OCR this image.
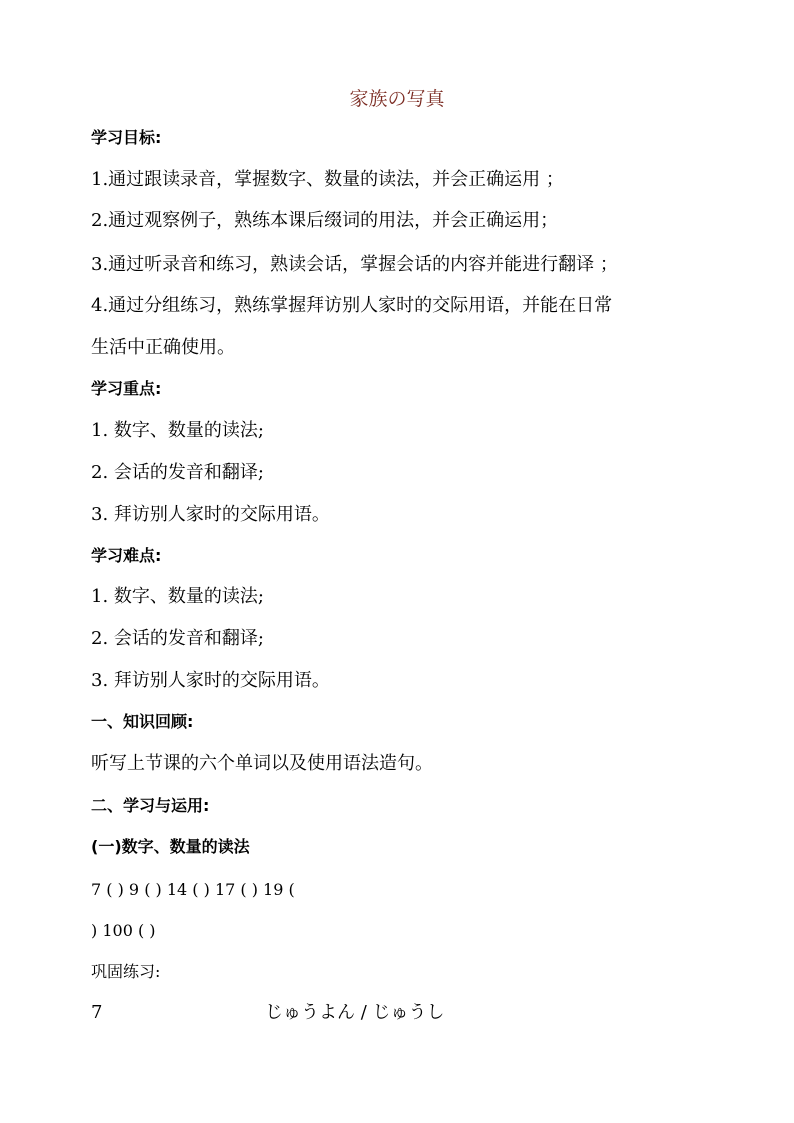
家族の写真
学习目标:
1.通过跟读录音，掌握数字、数量的读法，并会正确运用 ；
2.通过观察例子，熟练本课后缀词的用法，并会正确运用；
3.通过听录音和练习，熟读会话，掌握会话的内容并能进行翻译 ；
4.通过分组练习，熟练掌握拜访别人家时的交际用语，并能在日常
生活中正确使用。
学习重点:
1. 数字、数量的读法;
2. 会话的发音和翻译;
3. 拜访别人家时的交际用语。
学习难点:
1. 数字、数量的读法;
2. 会话的发音和翻译;
3. 拜访别人家时的交际用语。
一、知识回顾:
听写上节课的六个单词以及使用语法造句。
二、学习与运用:
(一)数字、数量的读法
7 ( ) 9 ( ) 14 ( ) 17 ( ) 19 (
) 100 ( )
巩固练习:
7	じゅうよん / じゅうし
